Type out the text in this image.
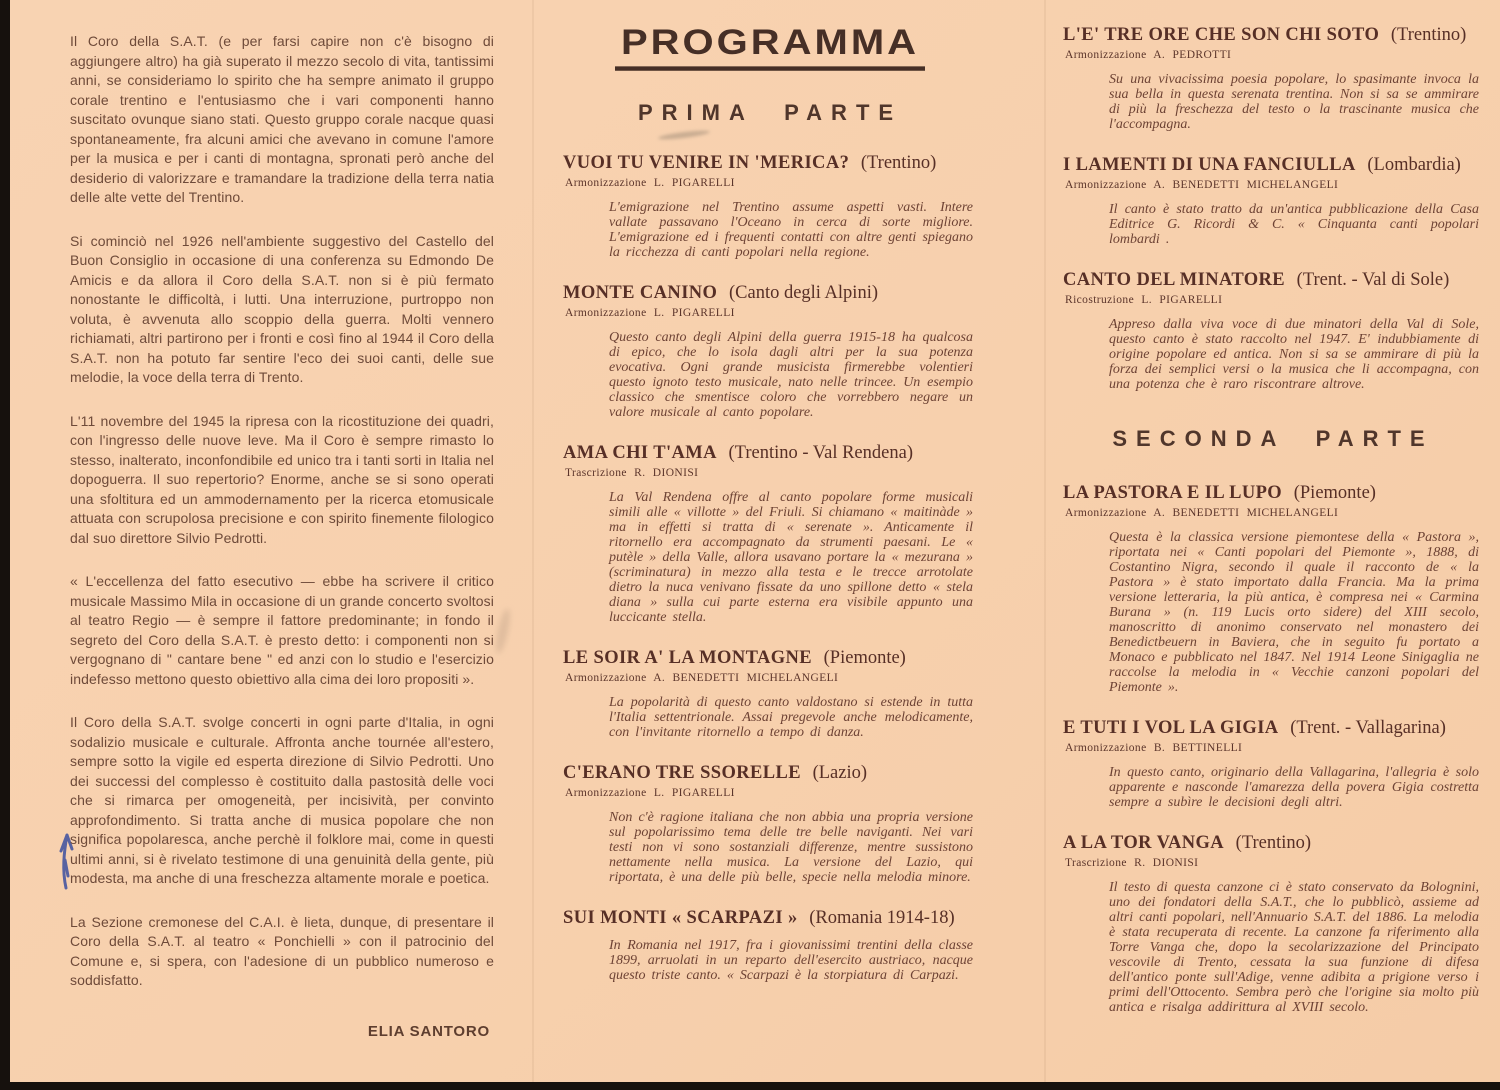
Il Coro della S.A.T. (e per farsi capire non c'è bisogno di aggiungere altro) ha già superato il mezzo secolo di vita, tantissimi anni, se consideriamo lo spirito che ha sempre animato il gruppo corale trentino e l'entusiasmo che i vari componenti hanno suscitato ovunque siano stati. Questo gruppo corale nacque quasi spontaneamente, fra alcuni amici che avevano in comune l'amore per la musica e per i canti di montagna, spronati però anche del desiderio di valorizzare e tramandare la tradizione della terra natia delle alte vette del Trentino.

Si cominciò nel 1926 nell'ambiente suggestivo del Castello del Buon Consiglio in occasione di una conferenza su Edmondo De Amicis e da allora il Coro della S.A.T. non si è più fermato nonostante le difficoltà, i lutti. Una interruzione, purtroppo non voluta, è avvenuta allo scoppio della guerra. Molti vennero richiamati, altri partirono per i fronti e così fino al 1944 il Coro della S.A.T. non ha potuto far sentire l'eco dei suoi canti, delle sue melodie, la voce della terra di Trento.

L'11 novembre del 1945 la ripresa con la ricostituzione dei quadri, con l'ingresso delle nuove leve. Ma il Coro è sempre rimasto lo stesso, inalterato, inconfondibile ed unico tra i tanti sorti in Italia nel dopoguerra. Il suo repertorio? Enorme, anche se si sono operati una sfoltitura ed un ammodernamento per la ricerca etomusicale attuata con scrupolosa precisione e con spirito finemente filologico dal suo direttore Silvio Pedrotti.

« L'eccellenza del fatto esecutivo — ebbe ha scrivere il critico musicale Massimo Mila in occasione di un grande concerto svoltosi al teatro Regio — è sempre il fattore predominante; in fondo il segreto del Coro della S.A.T. è presto detto: i componenti non si vergognano di " cantare bene " ed anzi con lo studio e l'esercizio indefesso mettono questo obiettivo alla cima dei loro propositi ».

Il Coro della S.A.T. svolge concerti in ogni parte d'Italia, in ogni sodalizio musicale e culturale. Affronta anche tournée all'estero, sempre sotto la vigile ed esperta direzione di Silvio Pedrotti. Uno dei successi del complesso è costituito dalla pastosità delle voci che si rimarca per omogeneità, per incisività, per convinto approfondimento. Si tratta anche di musica popolare che non significa popolaresca, anche perchè il folklore mai, come in questi ultimi anni, si è rivelato testimone di una genuinità della gente, più modesta, ma anche di una freschezza altamente morale e poetica.

La Sezione cremonese del C.A.I. è lieta, dunque, di presentare il Coro della S.A.T. al teatro « Ponchielli » con il patrocinio del Comune e, si spera, con l'adesione di un pubblico numeroso e soddisfatto.

ELIA SANTORO
PROGRAMMA
PRIMA PARTE
VUOI TU VENIRE IN 'MERICA? (Trentino)
Armonizzazione L. PIGARELLI

L'emigrazione nel Trentino assume aspetti vasti. Intere vallate passavano l'Oceano in cerca di sorte migliore. L'emigrazione ed i frequenti contatti con altre genti spiegano la ricchezza di canti popolari nella regione.

MONTE CANINO (Canto degli Alpini)
Armonizzazione L. PIGARELLI

Questo canto degli Alpini della guerra 1915-18 ha qualcosa di epico, che lo isola dagli altri per la sua potenza evocativa. Ogni grande musicista firmerebbe volentieri questo ignoto testo musicale, nato nelle trincee. Un esempio classico che smentisce coloro che vorrebbero negare un valore musicale al canto popolare.

AMA CHI T'AMA (Trentino - Val Rendena)
Trascrizione R. DIONISI

La Val Rendena offre al canto popolare forme musicali simili alle « villotte » del Friuli. Si chiamano « maitinàde » ma in effetti si tratta di « serenate ». Anticamente il ritornello era accompagnato da strumenti paesani. Le « putèle » della Valle, allora usavano portare la « mezurana » (scriminatura) in mezzo alla testa e le trecce arrotolate dietro la nuca venivano fissate da uno spillone detto « stela diana » sulla cui parte esterna era visibile appunto una luccicante stella.

LE SOIR A' LA MONTAGNE (Piemonte)
Armonizzazione A. BENEDETTI MICHELANGELI

La popolarità di questo canto valdostano si estende in tutta l'Italia settentrionale. Assai pregevole anche melodicamente, con l'invitante ritornello a tempo di danza.

C'ERANO TRE SSORELLE (Lazio)
Armonizzazione L. PIGARELLI

Non c'è ragione italiana che non abbia una propria versione sul popolarissimo tema delle tre belle naviganti. Nei vari testi non vi sono sostanziali differenze, mentre sussistono nettamente nella musica. La versione del Lazio, qui riportata, è una delle più belle, specie nella melodia minore.

SUI MONTI « SCARPAZI » (Romania 1914-18)

In Romania nel 1917, fra i giovanissimi trentini della classe 1899, arruolati in un reparto dell'esercito austriaco, nacque questo triste canto. « Scarpazi è la storpiatura di Carpazi.

L'E' TRE ORE CHE SON CHI SOTO (Trentino)
Armonizzazione A. PEDROTTI

Su una vivacissima poesia popolare, lo spasimante invoca la sua bella in questa serenata trentina. Non si sa se ammirare di più la freschezza del testo o la trascinante musica che l'accompagna.

I LAMENTI DI UNA FANCIULLA (Lombardia)
Armonizzazione A. BENEDETTI MICHELANGELI

Il canto è stato tratto da un'antica pubblicazione della Casa Editrice G. Ricordi & C. « Cinquanta canti popolari lombardi .

CANTO DEL MINATORE (Trent. - Val di Sole)
Ricostruzione L. PIGARELLI

Appreso dalla viva voce di due minatori della Val di Sole, questo canto è stato raccolto nel 1947. E' indubbiamente di origine popolare ed antica. Non si sa se ammirare di più la forza dei semplici versi o la musica che li accompagna, con una potenza che è raro riscontrare altrove.

SECONDA PARTE
LA PASTORA E IL LUPO (Piemonte)
Armonizzazione A. BENEDETTI MICHELANGELI

Questa è la classica versione piemontese della « Pastora », riportata nei « Canti popolari del Piemonte », 1888, di Costantino Nigra, secondo il quale il racconto de « la Pastora » è stato importato dalla Francia. Ma la prima versione letteraria, la più antica, è compresa nei « Carmina Burana » (n. 119 Lucis orto sidere) del XIII secolo, manoscritto di anonimo conservato nel monastero dei Benedictbeuern in Baviera, che in seguito fu portato a Monaco e pubblicato nel 1847. Nel 1914 Leone Sinigaglia ne raccolse la melodia in « Vecchie canzoni popolari del Piemonte ».

E TUTI I VOL LA GIGIA (Trent. - Vallagarina)
Armonizzazione B. BETTINELLI

In questo canto, originario della Vallagarina, l'allegria è solo apparente e nasconde l'amarezza della povera Gigia costretta sempre a subìre le decisioni degli altri.

A LA TOR VANGA (Trentino)
Trascrizione R. DIONISI

Il testo di questa canzone ci è stato conservato da Bolognini, uno dei fondatori della S.A.T., che lo pubblicò, assieme ad altri canti popolari, nell'Annuario S.A.T. del 1886. La melodia è stata recuperata di recente. La canzone fa riferimento alla Torre Vanga che, dopo la secolarizzazione del Principato vescovile di Trento, cessata la sua funzione di difesa dell'antico ponte sull'Adige, venne adibita a prigione verso i primi dell'Ottocento. Sembra però che l'origine sia molto più antica e risalga addirittura al XVIII secolo.
